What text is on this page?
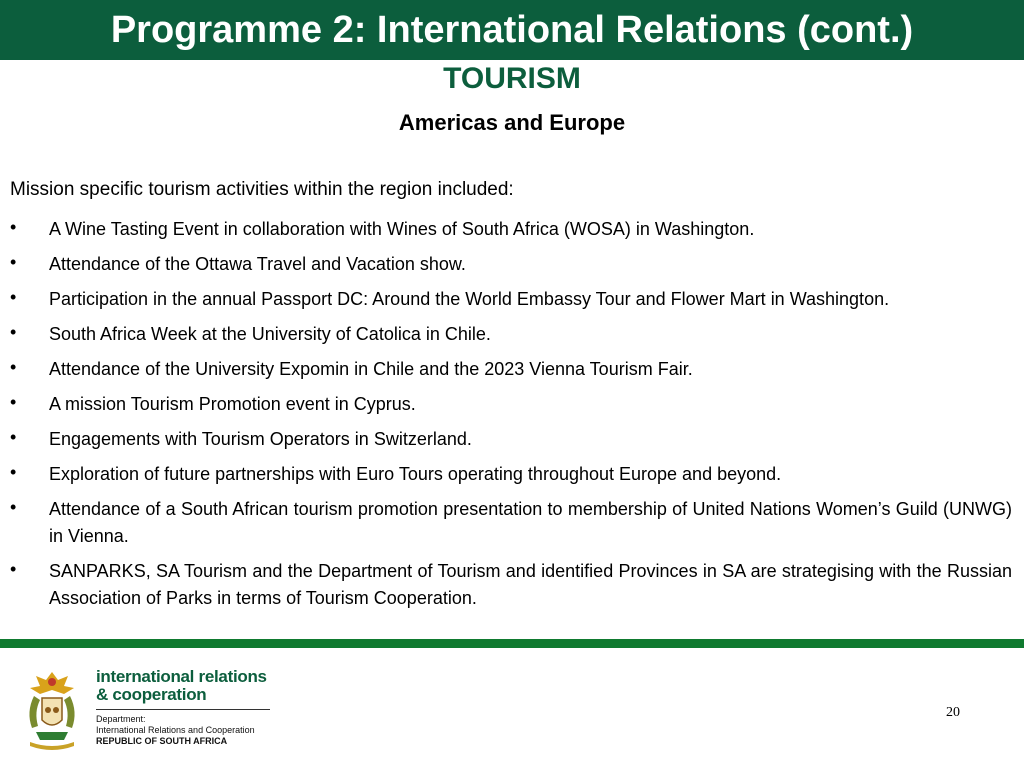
Programme 2: International Relations (cont.)
TOURISM
Americas and Europe
Mission specific tourism activities within the region included:
• A Wine Tasting Event in collaboration with Wines of South Africa (WOSA) in Washington.
• Attendance of the Ottawa Travel and Vacation show.
• Participation in the annual Passport DC: Around the World Embassy Tour and Flower Mart in Washington.
• South Africa Week at the University of Catolica in Chile.
• Attendance of the University Expomin in Chile and the 2023 Vienna Tourism Fair.
• A mission Tourism Promotion event in Cyprus.
• Engagements with Tourism Operators in Switzerland.
• Exploration of future partnerships with Euro Tours operating throughout Europe and beyond.
• Attendance of a South African tourism promotion presentation to membership of United Nations Women’s Guild (UNWG) in Vienna.
• SANPARKS, SA Tourism and the Department of Tourism and identified Provinces in SA are strategising with the Russian Association of Parks in terms of Tourism Cooperation.
international relations
& cooperation
Department:
International Relations and Cooperation
REPUBLIC OF SOUTH AFRICA
20
